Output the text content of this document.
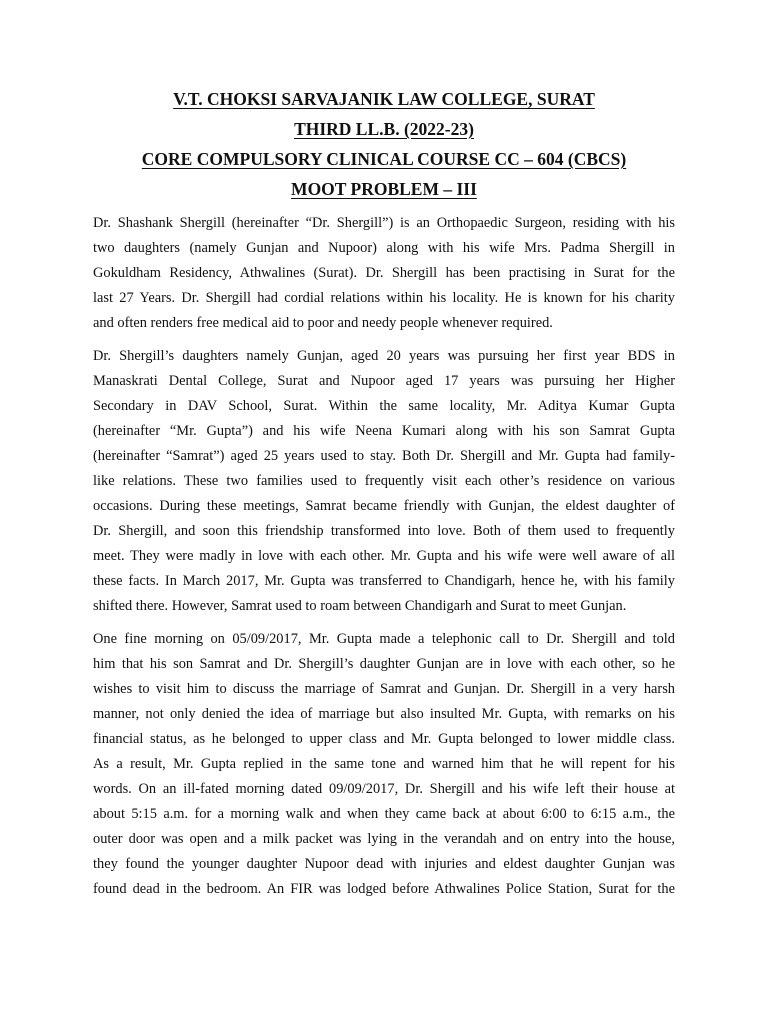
V.T. CHOKSI SARVAJANIK LAW COLLEGE, SURAT
THIRD LL.B. (2022-23)
CORE COMPULSORY CLINICAL COURSE CC – 604 (CBCS)
MOOT PROBLEM – III
Dr. Shashank Shergill (hereinafter “Dr. Shergill”) is an Orthopaedic Surgeon, residing with his
two daughters (namely Gunjan and Nupoor) along with his wife Mrs. Padma Shergill in
Gokuldham Residency, Athwalines (Surat). Dr. Shergill has been practising in Surat for the
last 27 Years. Dr. Shergill had cordial relations within his locality. He is known for his charity
and often renders free medical aid to poor and needy people whenever required.
Dr. Shergill’s daughters namely Gunjan, aged 20 years was pursuing her first year BDS in
Manaskrati Dental College, Surat and Nupoor aged 17 years was pursuing her Higher
Secondary in DAV School, Surat. Within the same locality, Mr. Aditya Kumar Gupta
(hereinafter “Mr. Gupta”) and his wife Neena Kumari along with his son Samrat Gupta
(hereinafter “Samrat”) aged 25 years used to stay. Both Dr. Shergill and Mr. Gupta had family-
like relations. These two families used to frequently visit each other’s residence on various
occasions. During these meetings, Samrat became friendly with Gunjan, the eldest daughter of
Dr. Shergill, and soon this friendship transformed into love. Both of them used to frequently
meet. They were madly in love with each other. Mr. Gupta and his wife were well aware of all
these facts. In March 2017, Mr. Gupta was transferred to Chandigarh, hence he, with his family
shifted there. However, Samrat used to roam between Chandigarh and Surat to meet Gunjan.
One fine morning on 05/09/2017, Mr. Gupta made a telephonic call to Dr. Shergill and told
him that his son Samrat and Dr. Shergill’s daughter Gunjan are in love with each other, so he
wishes to visit him to discuss the marriage of Samrat and Gunjan. Dr. Shergill in a very harsh
manner, not only denied the idea of marriage but also insulted Mr. Gupta, with remarks on his
financial status, as he belonged to upper class and Mr. Gupta belonged to lower middle class.
As a result, Mr. Gupta replied in the same tone and warned him that he will repent for his
words. On an ill-fated morning dated 09/09/2017, Dr. Shergill and his wife left their house at
about 5:15 a.m. for a morning walk and when they came back at about 6:00 to 6:15 a.m., the
outer door was open and a milk packet was lying in the verandah and on entry into the house,
they found the younger daughter Nupoor dead with injuries and eldest daughter Gunjan was
found dead in the bedroom. An FIR was lodged before Athwalines Police Station, Surat for the
